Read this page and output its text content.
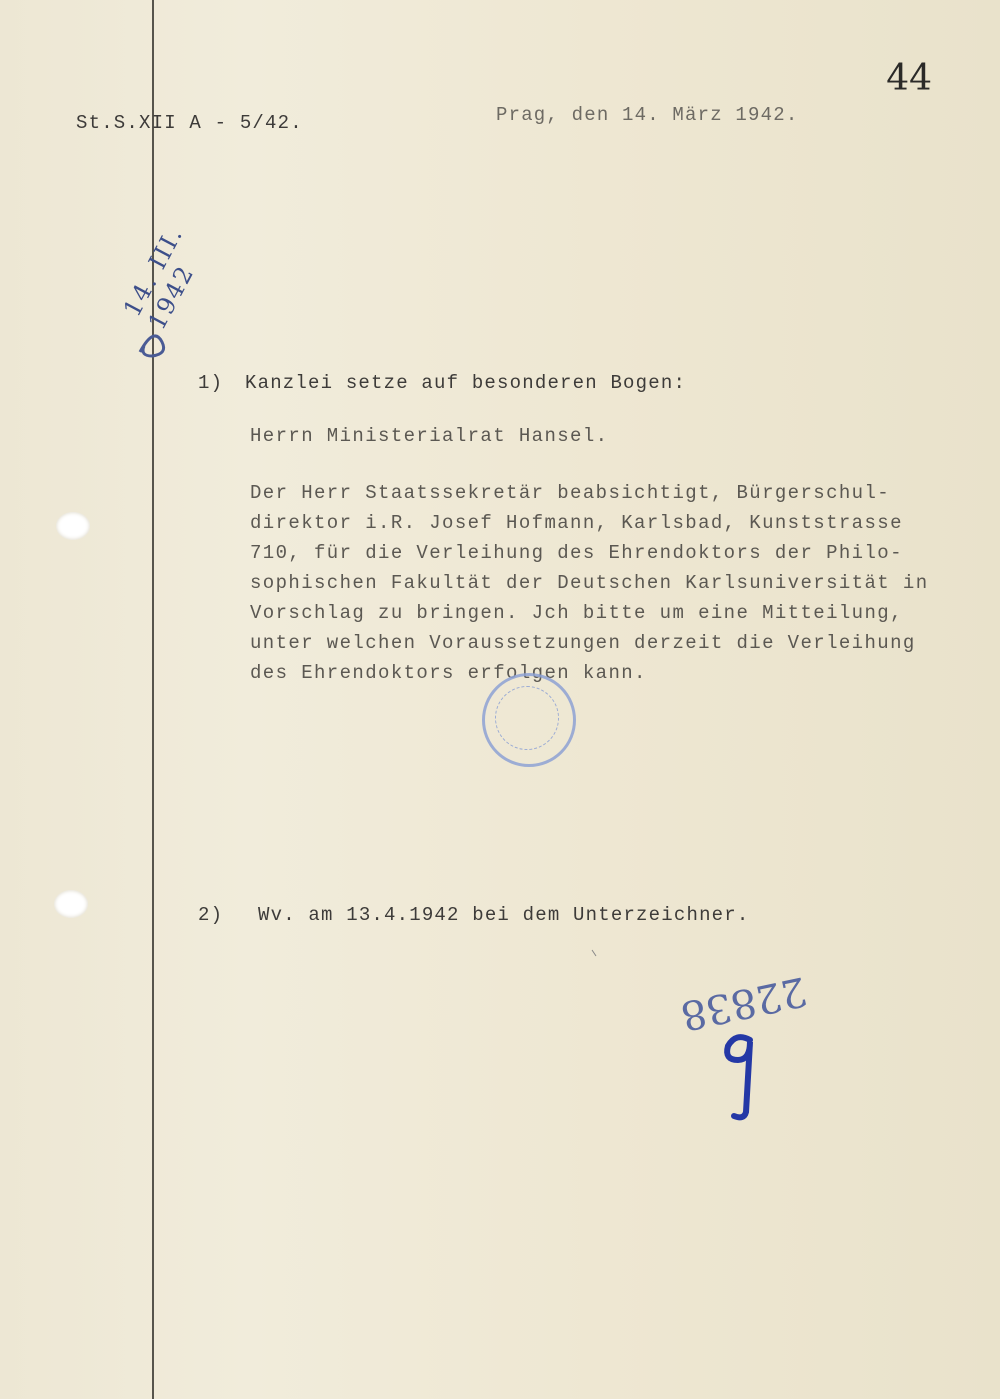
St.S.XII A - 5/42.	Prag, den 14. März 1942.
44
14. III. 1942
1) Kanzlei setze auf besonderen Bogen:
Herrn Ministerialrat Hansel.
Der Herr Staatssekretär beabsichtigt, Bürgerschul-
direktor i.R. Josef Hofmann, Karlsbad, Kunststrasse
710, für die Verleihung des Ehrendoktors der Philo-
sophischen Fakultät der Deutschen Karlsuniversität in
Vorschlag zu bringen. Jch bitte um eine Mitteilung,
unter welchen Voraussetzungen derzeit die Verleihung
des Ehrendoktors erfolgen kann.
2) Wv. am 13.4.1942 bei dem Unterzeichner.
22838
